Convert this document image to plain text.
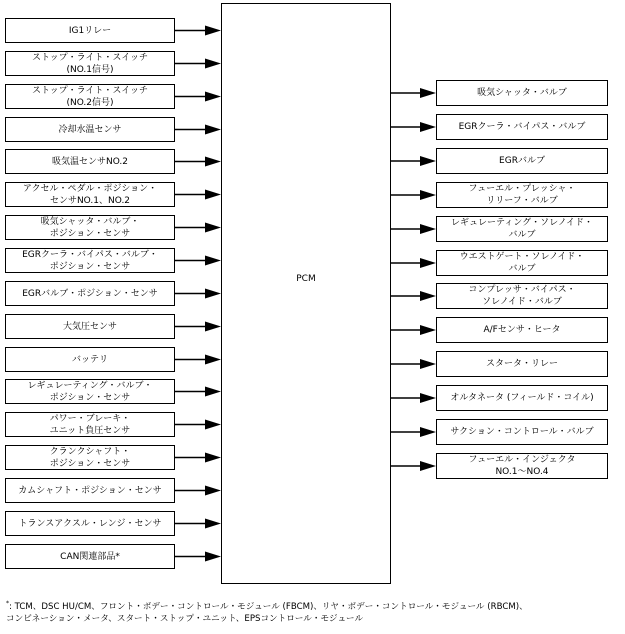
PCM
IG1リレー
ストップ・ライト・スイッチ
(NO.1信号)
ストップ・ライト・スイッチ
(NO.2信号)
冷却水温センサ
吸気温センサNO.2
アクセル・ペダル・ポジション・
センサNO.1、NO.2
吸気シャッタ・バルブ・
ポジション・センサ
EGRクーラ・バイパス・バルブ・
ポジション・センサ
EGRバルブ・ポジション・センサ
大気圧センサ
バッテリ
レギュレーティング・バルブ・
ポジション・センサ
パワー・ブレーキ・
ユニット負圧センサ
クランクシャフト・
ポジション・センサ
カムシャフト・ポジション・センサ
トランスアクスル・レンジ・センサ
CAN関連部品*
吸気シャッタ・バルブ
EGRクーラ・バイパス・バルブ
EGRバルブ
フューエル・プレッシャ・
リリーフ・バルブ
レギュレーティング・ソレノイド・
バルブ
ウエストゲート・ソレノイド・
バルブ
コンプレッサ・バイパス・
ソレノイド・バルブ
A/Fセンサ・ヒータ
スタータ・リレー
オルタネータ (フィールド・コイル)
サクション・コントロール・バルブ
フューエル・インジェクタ
NO.1〜NO.4
*: TCM、DSC HU/CM、フロント・ボデー・コントロール・モジュール (FBCM)、リヤ・ボデー・コントロール・モジュール (RBCM)、
コンビネーション・メータ、スタート・ストップ・ユニット、EPSコントロール・モジュール
